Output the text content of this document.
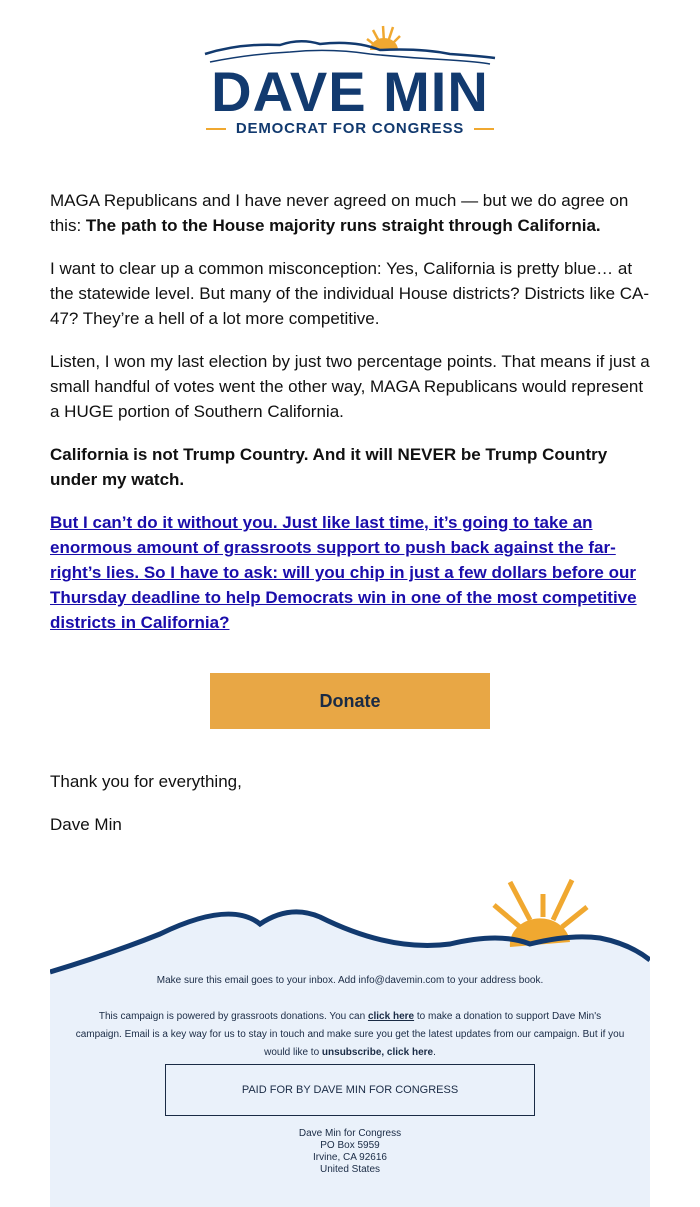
DAVE MIN
DEMOCRAT FOR CONGRESS

MAGA Republicans and I have never agreed on much — but we do agree on this: The path to the House majority runs straight through California.

I want to clear up a common misconception: Yes, California is pretty blue… at the statewide level. But many of the individual House districts? Districts like CA-47? They’re a hell of a lot more competitive.

Listen, I won my last election by just two percentage points. That means if just a small handful of votes went the other way, MAGA Republicans would represent a HUGE portion of Southern California.

California is not Trump Country. And it will NEVER be Trump Country under my watch.

But I can’t do it without you. Just like last time, it’s going to take an enormous amount of grassroots support to push back against the far-right’s lies. So I have to ask: will you chip in just a few dollars before our Thursday deadline to help Democrats win in one of the most competitive districts in California?

Donate

Thank you for everything,

Dave Min

Make sure this email goes to your inbox. Add info@davemin.com to your address book.
This campaign is powered by grassroots donations. You can click here to make a donation to support Dave Min's campaign. Email is a key way for us to stay in touch and make sure you get the latest updates from our campaign. But if you would like to unsubscribe, click here.
PAID FOR BY DAVE MIN FOR CONGRESS
Dave Min for Congress
PO Box 5959
Irvine, CA 92616
United States
